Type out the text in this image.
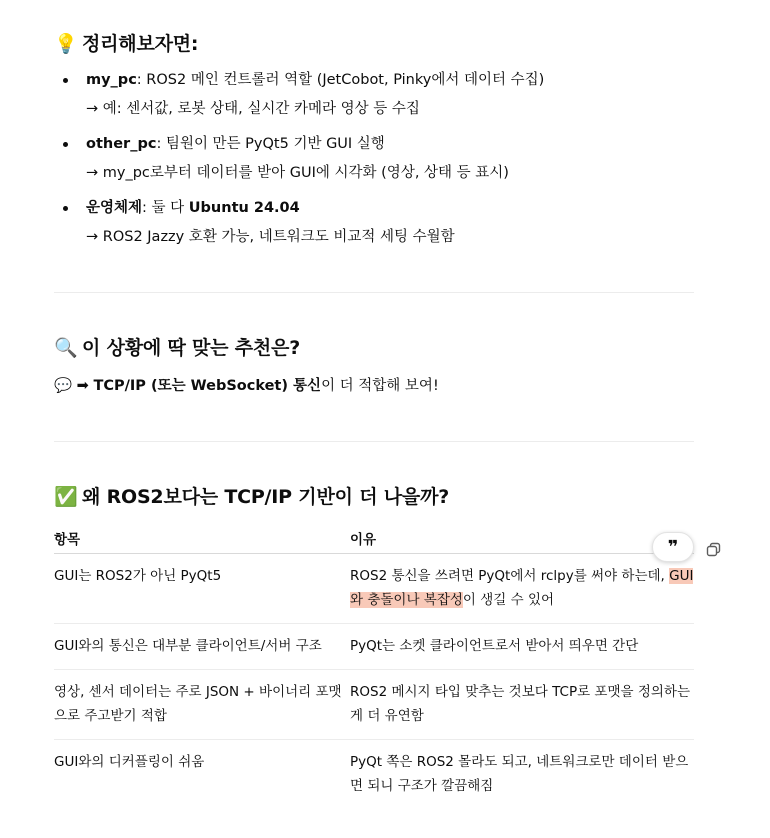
💡 정리해보자면:
my_pc: ROS2 메인 컨트롤러 역할 (JetCobot, Pinky에서 데이터 수집)
→ 예: 센서값, 로봇 상태, 실시간 카메라 영상 등 수집
other_pc: 팀원이 만든 PyQt5 기반 GUI 실행
→ my_pc로부터 데이터를 받아 GUI에 시각화 (영상, 상태 등 표시)
운영체제: 둘 다 Ubuntu 24.04
→ ROS2 Jazzy 호환 가능, 네트워크도 비교적 세팅 수월함
🔍 이 상황에 딱 맞는 추천은?
💬 ➡ TCP/IP (또는 WebSocket) 통신이 더 적합해 보여!
✅ 왜 ROS2보다는 TCP/IP 기반이 더 나을까?
항목	이유
GUI는 ROS2가 아닌 PyQt5	ROS2 통신을 쓰려면 PyQt에서 rclpy를 써야 하는데, GUI와 충돌이나 복잡성이 생길 수 있어
GUI와의 통신은 대부분 클라이언트/서버 구조	PyQt는 소켓 클라이언트로서 받아서 띄우면 간단
영상, 센서 데이터는 주로 JSON + 바이너리 포맷으로 주고받기 적합	ROS2 메시지 타입 맞추는 것보다 TCP로 포맷을 정의하는 게 더 유연함
GUI와의 디커플링이 쉬움	PyQt 쪽은 ROS2 몰라도 되고, 네트워크로만 데이터 받으면 되니 구조가 깔끔해짐
❞
